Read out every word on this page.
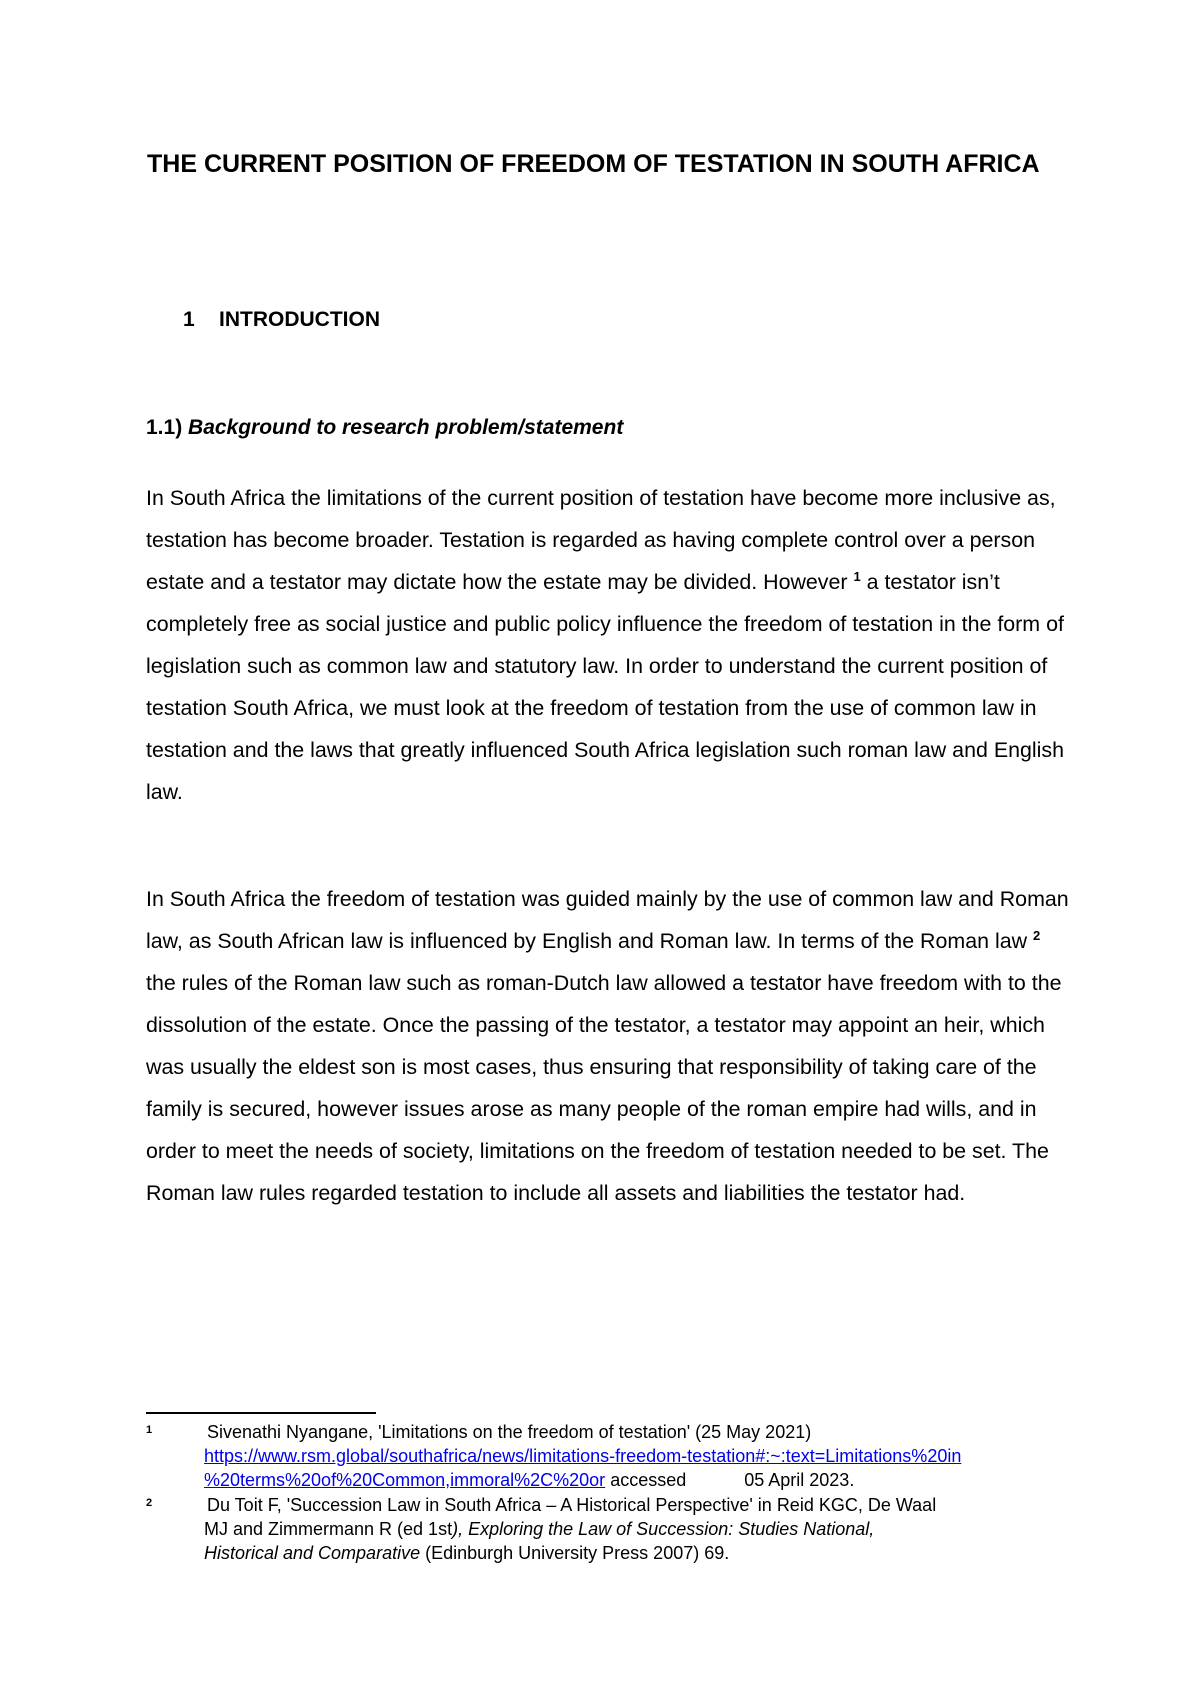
THE CURRENT POSITION OF FREEDOM OF TESTATION IN SOUTH AFRICA
1 INTRODUCTION
1.1) Background to research problem/statement

In South Africa the limitations of the current position of testation have become more inclusive as, testation has become broader. Testation is regarded as having complete control over a person estate and a testator may dictate how the estate may be divided. However $^1$ a testator isn’t completely free as social justice and public policy influence the freedom of testation in the form of legislation such as common law and statutory law. In order to understand the current position of testation South Africa, we must look at the freedom of testation from the use of common law in testation and the laws that greatly influenced South Africa legislation such roman law and English law.

In South Africa the freedom of testation was guided mainly by the use of common law and Roman law, as South African law is influenced by English and Roman law. In terms of the Roman law $^2$ the rules of the Roman law such as roman-Dutch law allowed a testator have freedom with to the dissolution of the estate. Once the passing of the testator, a testator may appoint an heir, which was usually the eldest son is most cases, thus ensuring that responsibility of taking care of the family is secured, however issues arose as many people of the roman empire had wills, and in order to meet the needs of society, limitations on the freedom of testation needed to be set. The Roman law rules regarded testation to include all assets and liabilities the testator had.

1	Sivenathi Nyangane, 'Limitations on the freedom of testation' (25 May 2021)
https://www.rsm.global/southafrica/news/limitations-freedom-testation#:~:text=Limitations%20in
%20terms%20of%20Common,immoral%2C%20or accessed	05 April 2023.
2	Du Toit F, 'Succession Law in South Africa – A Historical Perspective' in Reid KGC, De Waal
MJ and Zimmermann R (ed 1st), Exploring the Law of Succession: Studies National,
Historical and Comparative (Edinburgh University Press 2007) 69.
